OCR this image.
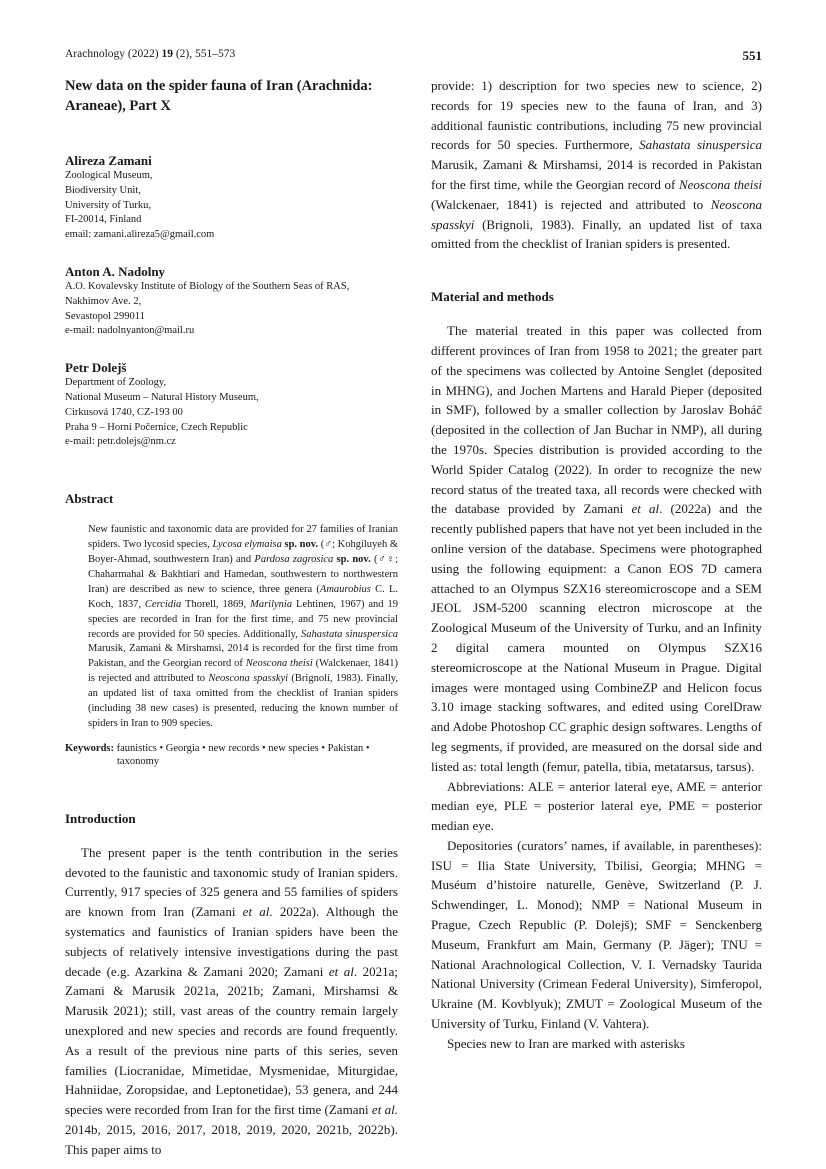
Arachnology (2022) 19 (2), 551–573	551
New data on the spider fauna of Iran (Arachnida: Araneae), Part X
Alireza Zamani
Zoological Museum,
Biodiversity Unit,
University of Turku,
FI-20014, Finland
email: zamani.alireza5@gmail.com
Anton A. Nadolny
A.O. Kovalevsky Institute of Biology of the Southern Seas of RAS,
Nakhimov Ave. 2,
Sevastopol 299011
e-mail: nadolnyanton@mail.ru
Petr Dolejš
Department of Zoology,
National Museum – Natural History Museum,
Cirkusová 1740, CZ-193 00
Praha 9 – Horní Počernice, Czech Republic
e-mail: petr.dolejs@nm.cz
Abstract

New faunistic and taxonomic data are provided for 27 families of Iranian spiders. Two lycosid species, Lycosa elymaisa sp. nov. (♂; Kohgiluyeh & Boyer-Ahmad, southwestern Iran) and Pardosa zagrosica sp. nov. (♂♀; Chaharmahal & Bakhtiari and Hamedan, southwestern to northwestern Iran) are described as new to science, three genera (Amaurobius C. L. Koch, 1837, Cercidia Thorell, 1869, Marilynia Lehtinen, 1967) and 19 species are recorded in Iran for the first time, and 75 new provincial records are provided for 50 species. Additionally, Sahastata sinuspersica Marusik, Zamani & Mirshamsi, 2014 is recorded for the first time from Pakistan, and the Georgian record of Neoscona theisi (Walckenaer, 1841) is rejected and attributed to Neoscona spasskyi (Brignoli, 1983). Finally, an updated list of taxa omitted from the checklist of Iranian spiders (including 38 new cases) is presented, reducing the known number of spiders in Iran to 909 species.

Keywords: faunistics • Georgia • new records • new species • Pakistan • taxonomy
Introduction

The present paper is the tenth contribution in the series devoted to the faunistic and taxonomic study of Iranian spiders. Currently, 917 species of 325 genera and 55 families of spiders are known from Iran (Zamani et al. 2022a). Although the systematics and faunistics of Iranian spiders have been the subjects of relatively intensive investigations during the past decade (e.g. Azarkina & Zamani 2020; Zamani et al. 2021a; Zamani & Marusik 2021a, 2021b; Zamani, Mirshamsi & Marusik 2021); still, vast areas of the country remain largely unexplored and new species and records are found frequently. As a result of the previous nine parts of this series, seven families (Liocranidae, Mimetidae, Mysmenidae, Miturgidae, Hahniidae, Zoropsidae, and Leptonetidae), 53 genera, and 244 species were recorded from Iran for the first time (Zamani et al. 2014b, 2015, 2016, 2017, 2018, 2019, 2020, 2021b, 2022b). This paper aims to

provide: 1) description for two species new to science, 2) records for 19 species new to the fauna of Iran, and 3) additional faunistic contributions, including 75 new provincial records for 50 species. Furthermore, Sahastata sinuspersica Marusik, Zamani & Mirshamsi, 2014 is recorded in Pakistan for the first time, while the Georgian record of Neoscona theisi (Walckenaer, 1841) is rejected and attributed to Neoscona spasskyi (Brignoli, 1983). Finally, an updated list of taxa omitted from the checklist of Iranian spiders is presented.

Material and methods

The material treated in this paper was collected from different provinces of Iran from 1958 to 2021; the greater part of the specimens was collected by Antoine Senglet (deposited in MHNG), and Jochen Martens and Harald Pieper (deposited in SMF), followed by a smaller collection by Jaroslav Boháč (deposited in the collection of Jan Buchar in NMP), all during the 1970s. Species distribution is provided according to the World Spider Catalog (2022). In order to recognize the new record status of the treated taxa, all records were checked with the database provided by Zamani et al. (2022a) and the recently published papers that have not yet been included in the online version of the database. Specimens were photographed using the following equipment: a Canon EOS 7D camera attached to an Olympus SZX16 stereomicroscope and a SEM JEOL JSM-5200 scanning electron microscope at the Zoological Museum of the University of Turku, and an Infinity 2 digital camera mounted on Olympus SZX16 stereomicroscope at the National Museum in Prague. Digital images were montaged using CombineZP and Helicon focus 3.10 image stacking softwares, and edited using CorelDraw and Adobe Photoshop CC graphic design softwares. Lengths of leg segments, if provided, are measured on the dorsal side and listed as: total length (femur, patella, tibia, metatarsus, tarsus).

Abbreviations: ALE = anterior lateral eye, AME = anterior median eye, PLE = posterior lateral eye, PME = posterior median eye.

Depositories (curators’ names, if available, in parentheses): ISU = Ilia State University, Tbilisi, Georgia; MHNG = Muséum d’histoire naturelle, Genève, Switzerland (P. J. Schwendinger, L. Monod); NMP = National Museum in Prague, Czech Republic (P. Dolejš); SMF = Senckenberg Museum, Frankfurt am Main, Germany (P. Jäger); TNU = National Arachnological Collection, V. I. Vernadsky Taurida National University (Crimean Federal University), Simferopol, Ukraine (M. Kovblyuk); ZMUT = Zoological Museum of the University of Turku, Finland (V. Vahtera).

Species new to Iran are marked with asterisks
